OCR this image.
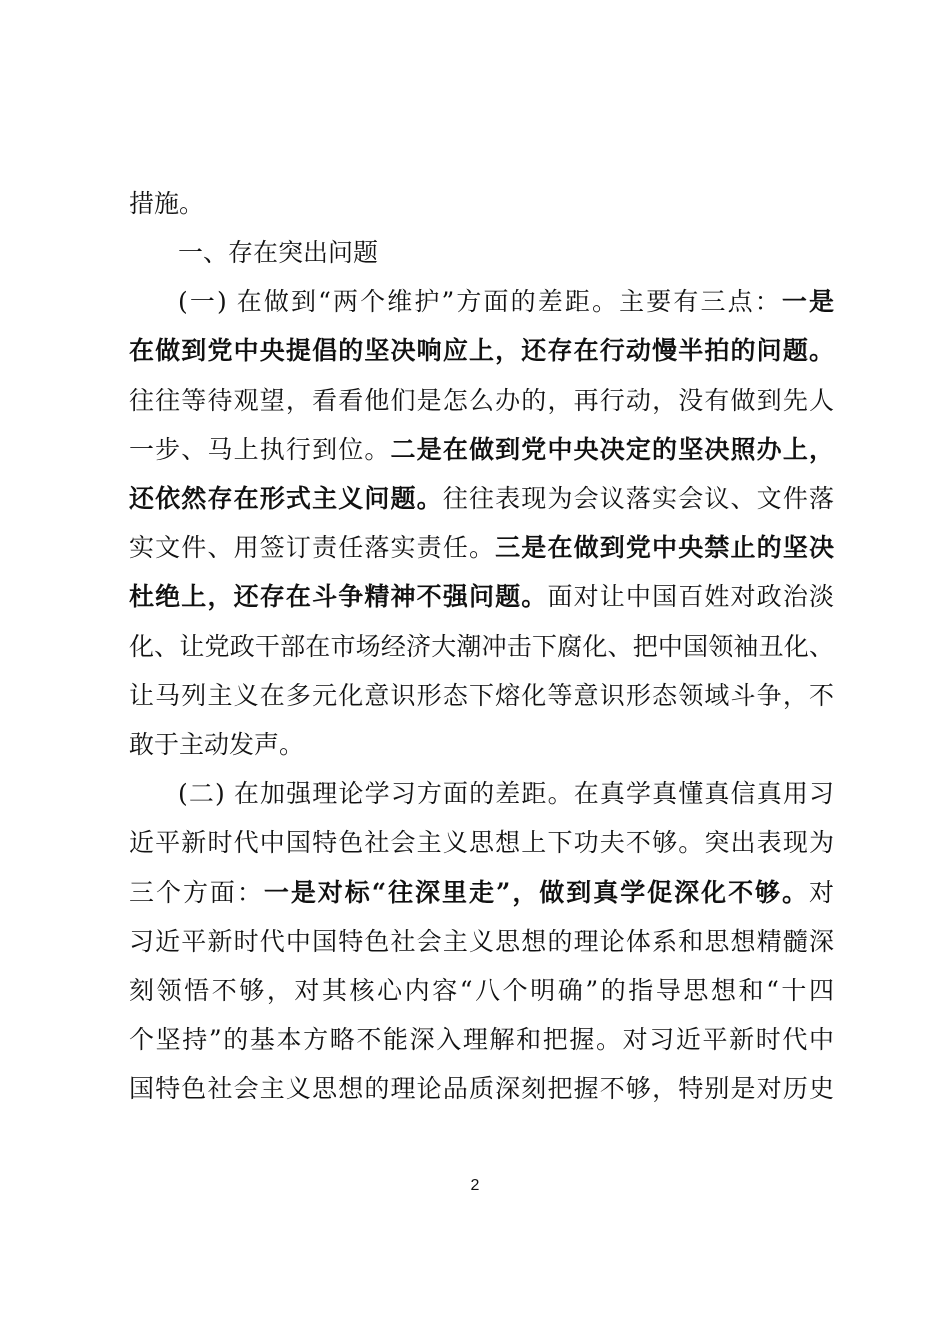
措施。
一、存在突出问题
(一) 在做到“两个维护”方面的差距。主要有三点：一是
在做到党中央提倡的坚决响应上，还存在行动慢半拍的问题。
往往等待观望，看看他们是怎么办的，再行动，没有做到先人
一步、马上执行到位。二是在做到党中央决定的坚决照办上，
还依然存在形式主义问题。往往表现为会议落实会议、文件落
实文件、用签订责任落实责任。三是在做到党中央禁止的坚决
杜绝上，还存在斗争精神不强问题。面对让中国百姓对政治淡
化、让党政干部在市场经济大潮冲击下腐化、把中国领袖丑化、
让马列主义在多元化意识形态下熔化等意识形态领域斗争，不
敢于主动发声。
(二) 在加强理论学习方面的差距。在真学真懂真信真用习
近平新时代中国特色社会主义思想上下功夫不够。突出表现为
三个方面：一是对标“往深里走”，做到真学促深化不够。对
习近平新时代中国特色社会主义思想的理论体系和思想精髓深
刻领悟不够，对其核心内容“八个明确”的指导思想和“十四
个坚持”的基本方略不能深入理解和把握。对习近平新时代中
国特色社会主义思想的理论品质深刻把握不够，特别是对历史
2
